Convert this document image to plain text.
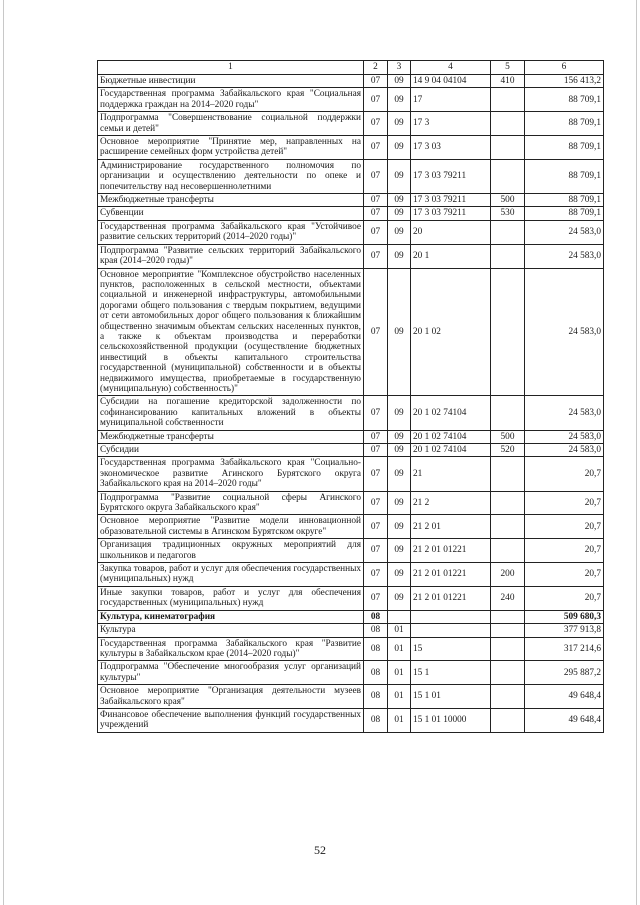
1	2	3	4	5	6
Бюджетные инвестиции	07	09	14 9 04 04104	410	156 413,2
Государственная программа Забайкальского края "Социальная поддержка граждан на 2014–2020 годы"	07	09	17		88 709,1
Подпрограмма "Совершенствование социальной поддержки семьи и детей"	07	09	17 3		88 709,1
Основное мероприятие "Принятие мер, направленных на расширение семейных форм устройства детей"	07	09	17 3 03		88 709,1
Администрирование государственного полномочия по организации и осуществлению деятельности по опеке и попечительству над несовершеннолетними	07	09	17 3 03 79211		88 709,1
Межбюджетные трансферты	07	09	17 3 03 79211	500	88 709,1
Субвенции	07	09	17 3 03 79211	530	88 709,1
Государственная программа Забайкальского края "Устойчивое развитие сельских территорий (2014–2020 годы)"	07	09	20		24 583,0
Подпрограмма "Развитие сельских территорий Забайкальского края (2014–2020 годы)"	07	09	20 1		24 583,0
Основное мероприятие "Комплексное обустройство населенных пунктов, расположенных в сельской местности, объектами социальной и инженерной инфраструктуры, автомобильными дорогами общего пользования с твердым покрытием, ведущими от сети автомобильных дорог общего пользования к ближайшим общественно значимым объектам сельских населенных пунктов, а также к объектам производства и переработки сельскохозяйственной продукции (осуществление бюджетных инвестиций в объекты капитального строительства государственной (муниципальной) собственности и в объекты недвижимого имущества, приобретаемые в государственную (муниципальную) собственность)"	07	09	20 1 02		24 583,0
Субсидии на погашение кредиторской задолженности по софинансированию капитальных вложений в объекты муниципальной собственности	07	09	20 1 02 74104		24 583,0
Межбюджетные трансферты	07	09	20 1 02 74104	500	24 583,0
Субсидии	07	09	20 1 02 74104	520	24 583,0
Государственная программа Забайкальского края "Социально-экономическое развитие Агинского Бурятского округа Забайкальского края на 2014–2020 годы"	07	09	21		20,7
Подпрограмма "Развитие социальной сферы Агинского Бурятского округа Забайкальского края"	07	09	21 2		20,7
Основное мероприятие "Развитие модели инновационной образовательной системы в Агинском Бурятском округе"	07	09	21 2 01		20,7
Организация традиционных окружных мероприятий для школьников и педагогов	07	09	21 2 01 01221		20,7
Закупка товаров, работ и услуг для обеспечения государственных (муниципальных) нужд	07	09	21 2 01 01221	200	20,7
Иные закупки товаров, работ и услуг для обеспечения государственных (муниципальных) нужд	07	09	21 2 01 01221	240	20,7
Культура, кинематография	08				509 680,3
Культура	08	01			377 913,8
Государственная программа Забайкальского края "Развитие культуры в Забайкальском крае (2014–2020 годы)"	08	01	15		317 214,6
Подпрограмма "Обеспечение многообразия услуг организаций культуры"	08	01	15 1		295 887,2
Основное мероприятие "Организация деятельности музеев Забайкальского края"	08	01	15 1 01		49 648,4
Финансовое обеспечение выполнения функций государственных учреждений	08	01	15 1 01 10000		49 648,4
52
